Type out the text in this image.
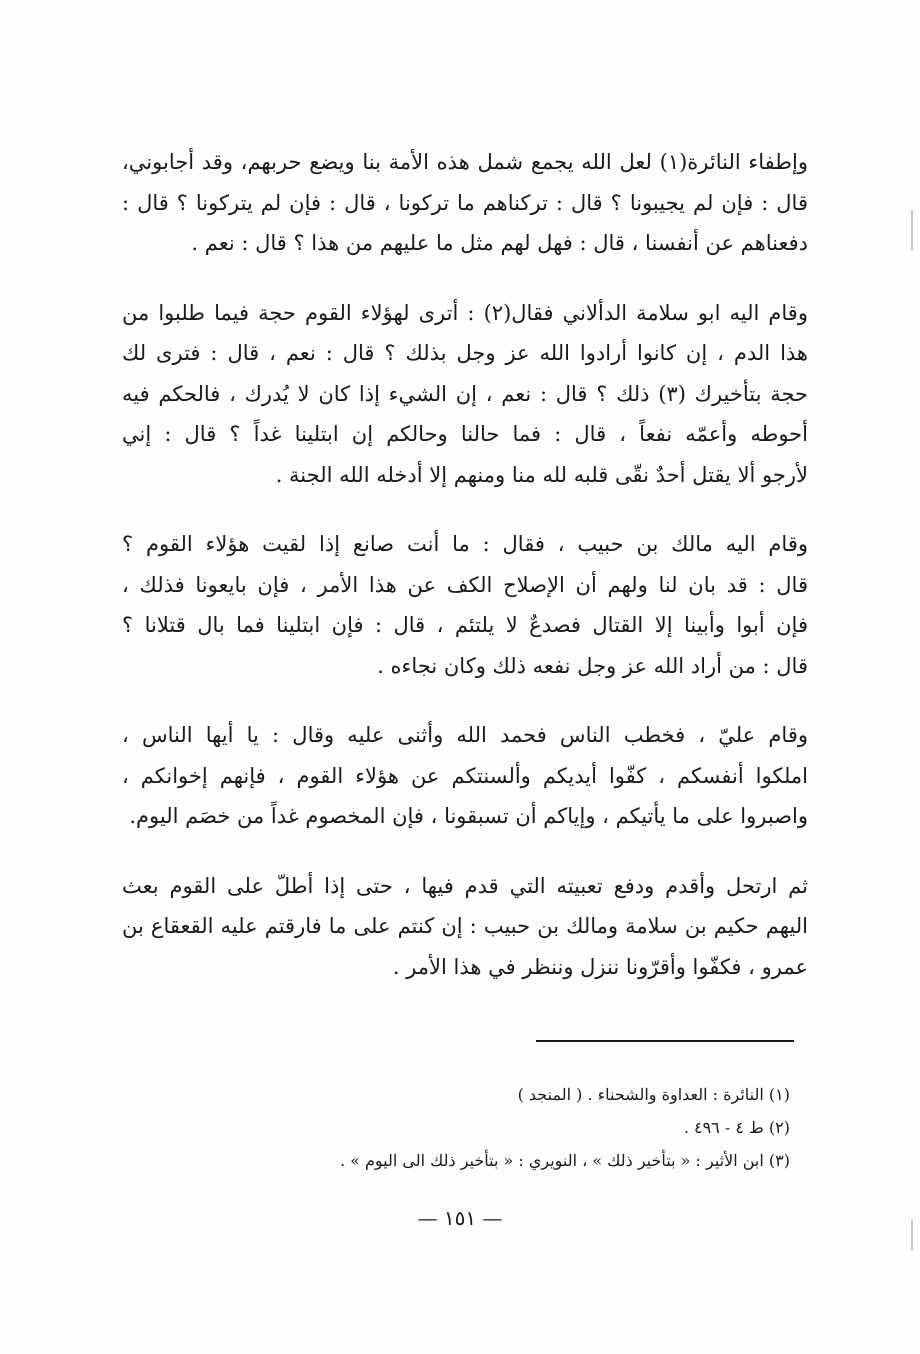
وإطفاء النائرة(١) لعل الله يجمع شمل هذه الأمة بنا ويضع حربهم، وقد أجابوني،
قال : فإن لم يجيبونا ؟ قال : تركناهم ما تركونا ، قال : فإن لم يتركونا ؟ قال :
دفعناهم عن أنفسنا ، قال : فهل لهم مثل ما عليهم من هذا ؟ قال : نعم .
وقام اليه ابو سلامة الدألاني فقال(٢) : أترى لهؤلاء القوم حجة فيما طلبوا من
هذا الدم ، إن كانوا أرادوا الله عز وجل بذلك ؟ قال : نعم ، قال : فترى لك
حجة بتأخيرك (٣) ذلك ؟ قال : نعم ، إن الشيء إذا كان لا يُدرك ، فالحكم فيه
أحوطه وأعمّه نفعاً ، قال : فما حالنا وحالكم إن ابتلينا غداً ؟ قال : إني
لأرجو ألا يقتل أحدٌ نقّى قلبه لله منا ومنهم إلا أدخله الله الجنة .
وقام اليه مالك بن حبيب ، فقال : ما أنت صانع إذا لقيت هؤلاء القوم ؟
قال : قد بان لنا ولهم أن الإصلاح الكف عن هذا الأمر ، فإن بايعونا فذلك ،
فإن أبوا وأبينا إلا القتال فصدعٌ لا يلتئم ، قال : فإن ابتلينا فما بال قتلانا ؟
قال : من أراد الله عز وجل نفعه ذلك وكان نجاءه .
وقام عليّ ، فخطب الناس فحمد الله وأثنى عليه وقال : يا أيها الناس ،
املكوا أنفسكم ، كفّوا أيديكم وألسنتكم عن هؤلاء القوم ، فإنهم إخوانكم ،
واصبروا على ما يأتيكم ، وإياكم أن تسبقونا ، فإن المخصوم غداً من خصَم اليوم.
ثم ارتحل وأقدم ودفع تعبيته التي قدم فيها ، حتى إذا أطلّ على القوم بعث
اليهم حكيم بن سلامة ومالك بن حبيب : إن كنتم على ما فارقتم عليه القعقاع بن
عمرو ، فكفّوا وأقرّونا ننزل وننظر في هذا الأمر .
(١) النائرة : العداوة والشحناء . ( المنجد )
(٢) ط ٤ - ٤٩٦ .
(٣) ابن الأثير : « بتأخير ذلك » ، النويري : « بتأخير ذلك الى اليوم » .
— ١٥١ —
